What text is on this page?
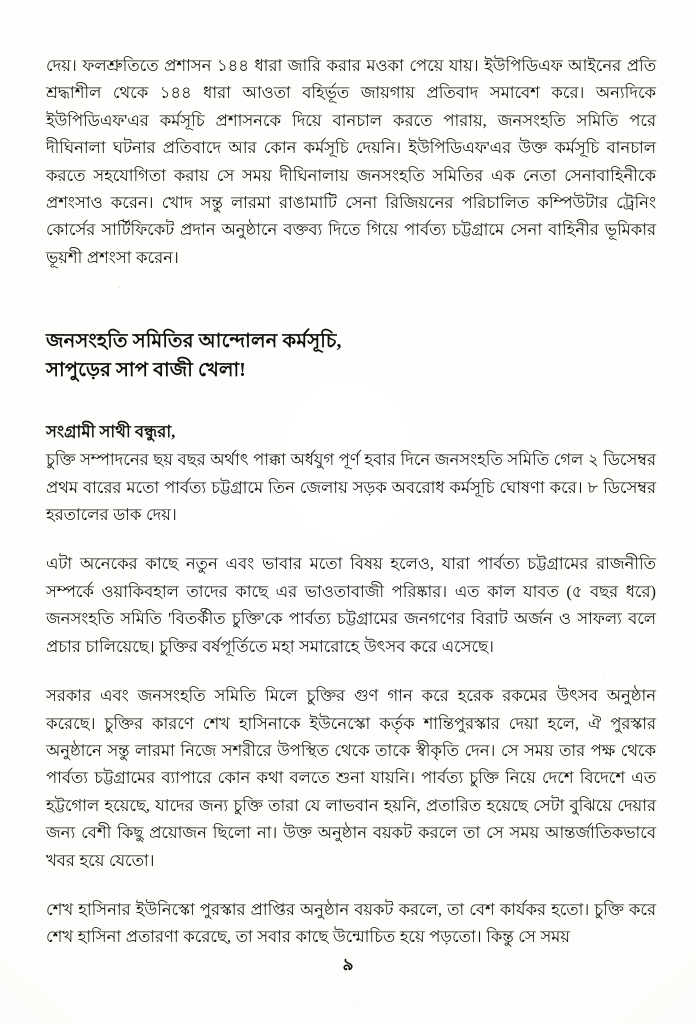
দেয়। ফলশ্রুতিতে প্রশাসন ১৪৪ ধারা জারি করার মওকা পেয়ে যায়। ইউপিডিএফ আইনের প্রতি শ্রদ্ধাশীল থেকে ১৪৪ ধারা আওতা বহির্ভূত জায়গায় প্রতিবাদ সমাবেশ করে। অন্যদিকে ইউপিডিএফ'এর কর্মসূচি প্রশাসনকে দিয়ে বানচাল করতে পারায়, জনসংহতি সমিতি পরে দীঘিনালা ঘটনার প্রতিবাদে আর কোন কর্মসূচি দেয়নি। ইউপিডিএফ'এর উক্ত কর্মসূচি বানচাল করতে সহযোগিতা করায় সে সময় দীঘিনালায় জনসংহতি সমিতির এক নেতা সেনাবাহিনীকে প্রশংসাও করেন। খোদ সন্তু লারমা রাঙামাটি সেনা রিজিয়নের পরিচালিত কম্পিউটার ট্রেনিং কোর্সের সার্টিফিকেট প্রদান অনুষ্ঠানে বক্তব্য দিতে গিয়ে পার্বত্য চট্টগ্রামে সেনা বাহিনীর ভূমিকার ভূয়শী প্রশংসা করেন।

জনসংহতি সমিতির আন্দোলন কর্মসূচি,
সাপুড়ের সাপ বাজী খেলা!

সংগ্রামী সাথী বন্ধুরা,

চুক্তি সম্পাদনের ছয় বছর অর্থাৎ পাক্কা অর্ধযুগ পূর্ণ হবার দিনে জনসংহতি সমিতি গেল ২ ডিসেম্বর প্রথম বারের মতো পার্বত্য চট্টগ্রামে তিন জেলায় সড়ক অবরোধ কর্মসূচি ঘোষণা করে। ৮ ডিসেম্বর হরতালের ডাক দেয়।

এটা অনেকের কাছে নতুন এবং ভাবার মতো বিষয় হলেও, যারা পার্বত্য চট্টগ্রামের রাজনীতি সম্পর্কে ওয়াকিবহাল তাদের কাছে এর ভাওতাবাজী পরিষ্কার। এত কাল যাবত (৫ বছর ধরে) জনসংহতি সমিতি 'বিতর্কীত চুক্তি'কে পার্বত্য চট্টগ্রামের জনগণের বিরাট অর্জন ও সাফল্য বলে প্রচার চালিয়েছে। চুক্তির বর্ষপূর্তিতে মহা সমারোহে উৎসব করে এসেছে।

সরকার এবং জনসংহতি সমিতি মিলে চুক্তির গুণ গান করে হরেক রকমের উৎসব অনুষ্ঠান করেছে। চুক্তির কারণে শেখ হাসিনাকে ইউনেস্কো কর্তৃক শান্তিপুরস্কার দেয়া হলে, ঐ পুরস্কার অনুষ্ঠানে সন্তু লারমা নিজে সশরীরে উপস্থিত থেকে তাকে স্বীকৃতি দেন। সে সময় তার পক্ষ থেকে পার্বত্য চট্টগ্রামের ব্যাপারে কোন কথা বলতে শুনা যায়নি। পার্বত্য চুক্তি নিয়ে দেশে বিদেশে এত হট্টগোল হয়েছে, যাদের জন্য চুক্তি তারা যে লাভবান হয়নি, প্রতারিত হয়েছে সেটা বুঝিয়ে দেয়ার জন্য বেশী কিছু প্রয়োজন ছিলো না। উক্ত অনুষ্ঠান বয়কট করলে তা সে সময় আন্তর্জাতিকভাবে খবর হয়ে যেতো।

শেখ হাসিনার ইউনিস্কো পুরস্কার প্রাপ্তির অনুষ্ঠান বয়কট করলে, তা বেশ কার্যকর হতো। চুক্তি করে শেখ হাসিনা প্রতারণা করেছে, তা সবার কাছে উন্মোচিত হয়ে পড়তো। কিন্তু সে সময়

৯
